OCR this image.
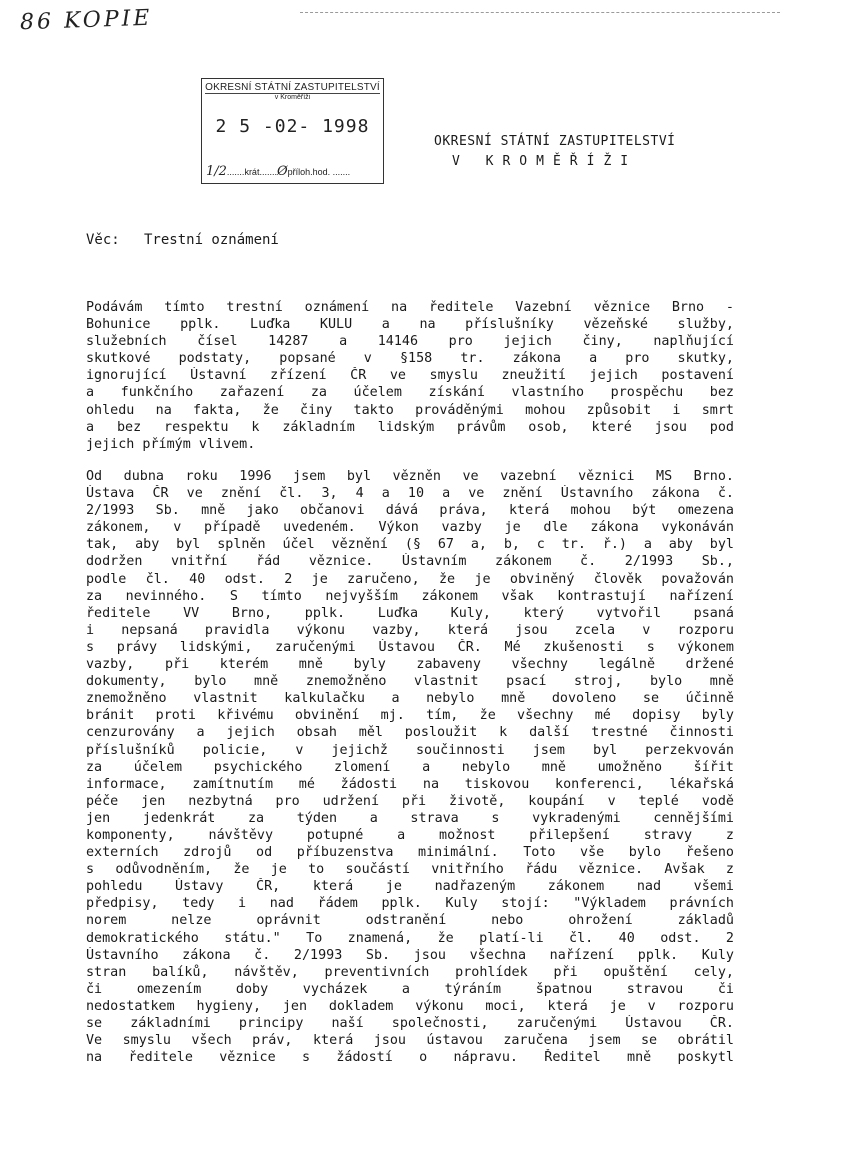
86 KOPIE
OKRESNÍ STÁTNÍ ZASTUPITELSTVÍ
v Kroměříži
2 5 -02- 1998
1/2.......krát.......Øpříloh.hod. .......
OKRESNÍ STÁTNÍ ZASTUPITELSTVÍ
V KROMĚŘÍŽI
Věc: Trestní oznámení
Podávám tímto trestní oznámení na ředitele Vazební věznice Brno -
Bohunice pplk. Luďka KULU a na příslušníky vězeňské služby,
služebních čísel 14287 a 14146 pro jejich činy, naplňující
skutkové podstaty, popsané v §158 tr. zákona a pro skutky,
ignorující Ústavní zřízení ČR ve smyslu zneužití jejich postavení
a funkčního zařazení za účelem získání vlastního prospěchu bez
ohledu na fakta, že činy takto prováděnými mohou způsobit i smrt
a bez respektu k základním lidským právům osob, které jsou pod
jejich přímým vlivem.
Od dubna roku 1996 jsem byl vězněn ve vazební věznici MS Brno.
Ústava ČR ve znění čl. 3, 4 a 10 a ve znění Ústavního zákona č.
2/1993 Sb. mně jako občanovi dává práva, která mohou být omezena
zákonem, v případě uvedeném. Výkon vazby je dle zákona vykonáván
tak, aby byl splněn účel věznění (§ 67 a, b, c tr. ř.) a aby byl
dodržen vnitřní řád věznice. Ústavním zákonem č. 2/1993 Sb.,
podle čl. 40 odst. 2 je zaručeno, že je obviněný člověk považován
za nevinného. S tímto nejvyšším zákonem však kontrastují nařízení
ředitele VV Brno, pplk. Luďka Kuly, který vytvořil psaná
i nepsaná pravidla výkonu vazby, která jsou zcela v rozporu
s právy lidskými, zaručenými Ústavou ČR. Mé zkušenosti s výkonem
vazby, při kterém mně byly zabaveny všechny legálně držené
dokumenty, bylo mně znemožněno vlastnit psací stroj, bylo mně
znemožněno vlastnit kalkulačku a nebylo mně dovoleno se účinně
bránit proti křivému obvinění mj. tím, že všechny mé dopisy byly
cenzurovány a jejich obsah měl posloužit k další trestné činnosti
příslušníků policie, v jejichž součinnosti jsem byl perzekvován
za účelem psychického zlomení a nebylo mně umožněno šířit
informace, zamítnutím mé žádosti na tiskovou konferenci, lékařská
péče jen nezbytná pro udržení při životě, koupání v teplé vodě
jen jedenkrát za týden a strava s vykradenými cennějšími
komponenty, návštěvy potupné a možnost přilepšení stravy z
externích zdrojů od příbuzenstva minimální. Toto vše bylo řešeno
s odůvodněním, že je to součástí vnitřního řádu věznice. Avšak z
pohledu Ústavy ČR, která je nadřazeným zákonem nad všemi
předpisy, tedy i nad řádem pplk. Kuly stojí: "Výkladem právních
norem nelze oprávnit odstranění nebo ohrožení základů
demokratického státu." To znamená, že platí-li čl. 40 odst. 2
Ústavního zákona č. 2/1993 Sb. jsou všechna nařízení pplk. Kuly
stran balíků, návštěv, preventivních prohlídek při opuštění cely,
či omezením doby vycházek a týráním špatnou stravou či
nedostatkem hygieny, jen dokladem výkonu moci, která je v rozporu
se základními principy naší společnosti, zaručenými Ústavou ČR.
Ve smyslu všech práv, která jsou ústavou zaručena jsem se obrátil
na ředitele věznice s žádostí o nápravu. Ředitel mně poskytl
